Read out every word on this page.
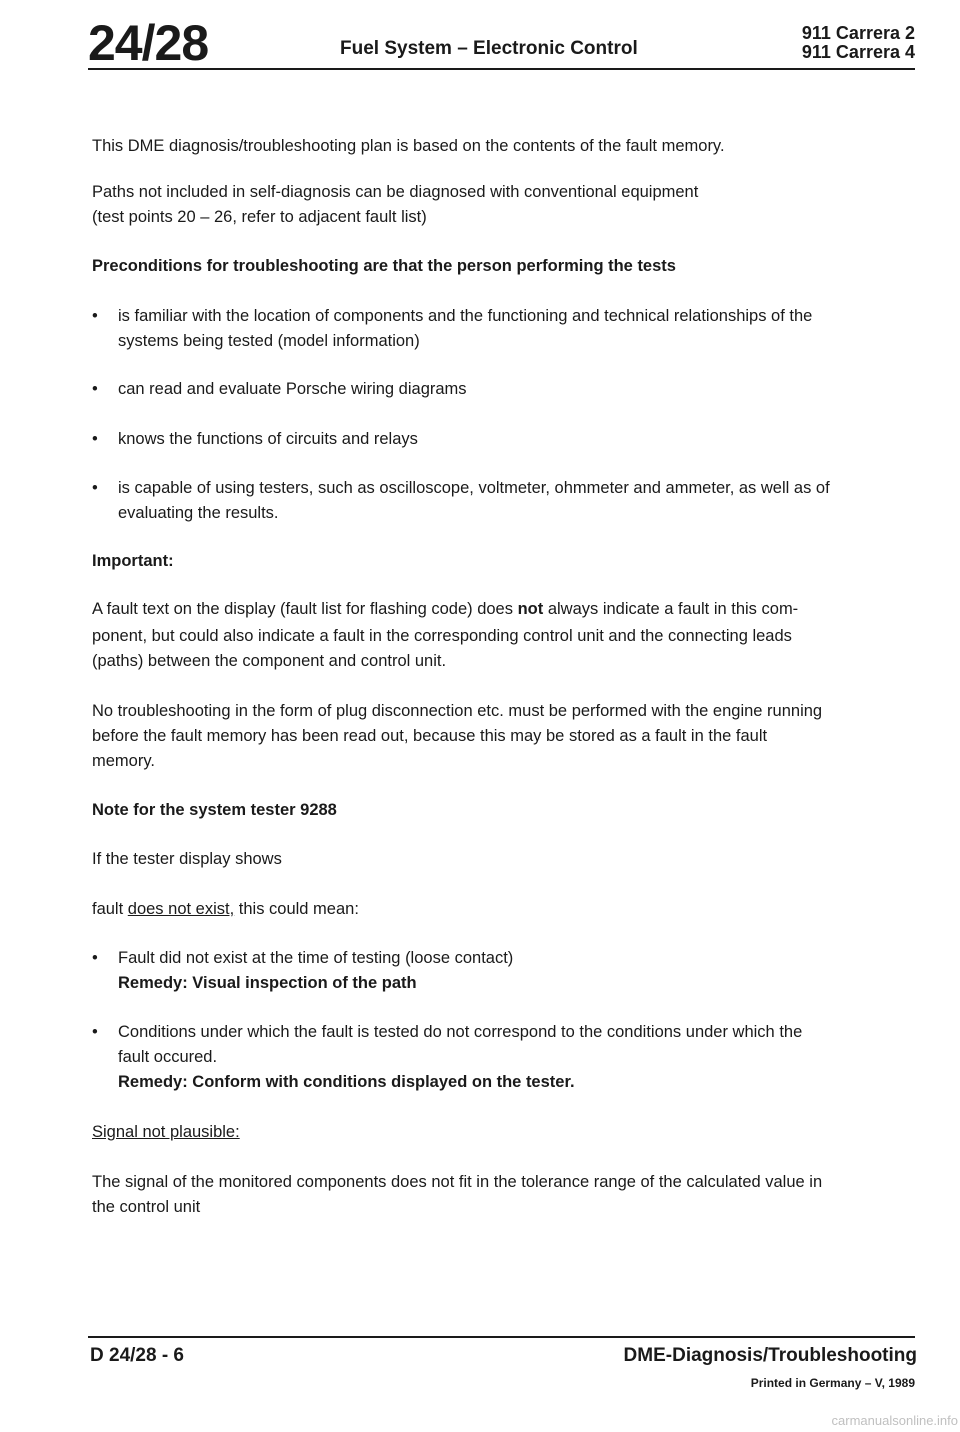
24/28	Fuel System – Electronic Control
911 Carrera 2
911 Carrera 4
This DME diagnosis/troubleshooting plan is based on the contents of the fault memory.
Paths not included in self-diagnosis can be diagnosed with conventional equipment
(test points 20 – 26, refer to adjacent fault list)
Preconditions for troubleshooting are that the person performing the tests
• is familiar with the location of components and the functioning and technical relationships of the
systems being tested (model information)
• can read and evaluate Porsche wiring diagrams
• knows the functions of circuits and relays
• is capable of using testers, such as oscilloscope, voltmeter, ohmmeter and ammeter, as well as of
evaluating the results.
Important:
A fault text on the display (fault list for flashing code) does not always indicate a fault in this com-
ponent, but could also indicate a fault in the corresponding control unit and the connecting leads
(paths) between the component and control unit.
No troubleshooting in the form of plug disconnection etc. must be performed with the engine running
before the fault memory has been read out, because this may be stored as a fault in the fault
memory.
Note for the system tester 9288
If the tester display shows
fault does not exist, this could mean:
• Fault did not exist at the time of testing (loose contact)
Remedy: Visual inspection of the path
• Conditions under which the fault is tested do not correspond to the conditions under which the
fault occured.
Remedy: Conform with conditions displayed on the tester.
Signal not plausible:
The signal of the monitored components does not fit in the tolerance range of the calculated value in
the control unit
D 24/28 - 6	DME-Diagnosis/Troubleshooting
Printed in Germany – V, 1989
carmanualsonline.info
